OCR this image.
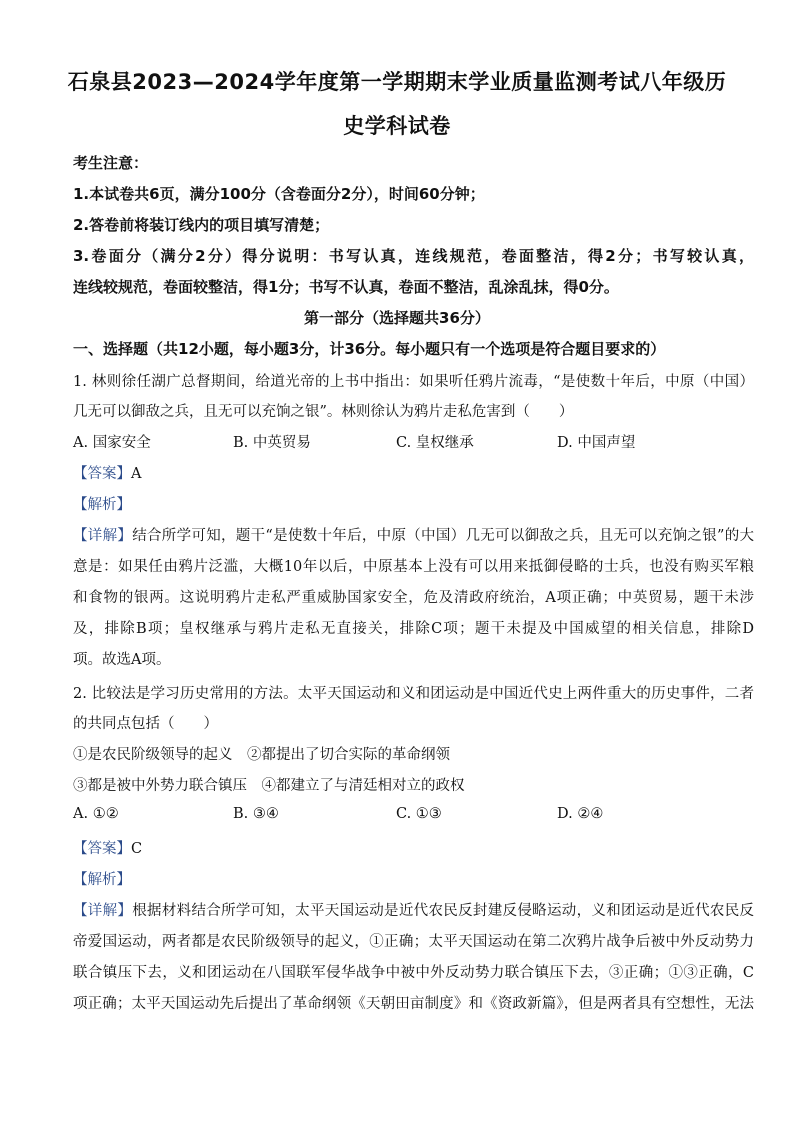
石泉县2023—2024学年度第一学期期末学业质量监测考试八年级历
史学科试卷
考生注意：
1.本试卷共6页，满分100分（含卷面分2分），时间60分钟；
2.答卷前将装订线内的项目填写清楚；
3.卷面分（满分2分）得分说明：书写认真，连线规范，卷面整洁，得2分；书写较认真，
连线较规范，卷面较整洁，得1分；书写不认真，卷面不整洁，乱涂乱抹，得0分。
第一部分（选择题共36分）
一、选择题（共12小题，每小题3分，计36分。每小题只有一个选项是符合题目要求的）
1. 林则徐任湖广总督期间，给道光帝的上书中指出：如果听任鸦片流毒，“是使数十年后，中原（中国）
几无可以御敌之兵，且无可以充饷之银”。林则徐认为鸦片走私危害到（　　）
A. 国家安全	B. 中英贸易	C. 皇权继承	D. 中国声望
【答案】A
【解析】
【详解】结合所学可知，题干“是使数十年后，中原（中国）几无可以御敌之兵，且无可以充饷之银”的大
意是：如果任由鸦片泛滥，大概10年以后，中原基本上没有可以用来抵御侵略的士兵，也没有购买军粮
和食物的银两。这说明鸦片走私严重威胁国家安全，危及清政府统治，A项正确；中英贸易，题干未涉
及，排除B项；皇权继承与鸦片走私无直接关，排除C项；题干未提及中国威望的相关信息，排除D
项。故选A项。
2. 比较法是学习历史常用的方法。太平天国运动和义和团运动是中国近代史上两件重大的历史事件，二者
的共同点包括（　　）
①是农民阶级领导的起义　②都提出了切合实际的革命纲领
③都是被中外势力联合镇压　④都建立了与清廷相对立的政权
A. ①②	B. ③④	C. ①③	D. ②④
【答案】C
【解析】
【详解】根据材料结合所学可知，太平天国运动是近代农民反封建反侵略运动，义和团运动是近代农民反
帝爱国运动，两者都是农民阶级领导的起义，①正确；太平天国运动在第二次鸦片战争后被中外反动势力
联合镇压下去，义和团运动在八国联军侵华战争中被中外反动势力联合镇压下去，③正确；①③正确，C
项正确；太平天国运动先后提出了革命纲领《天朝田亩制度》和《资政新篇》，但是两者具有空想性，无法
